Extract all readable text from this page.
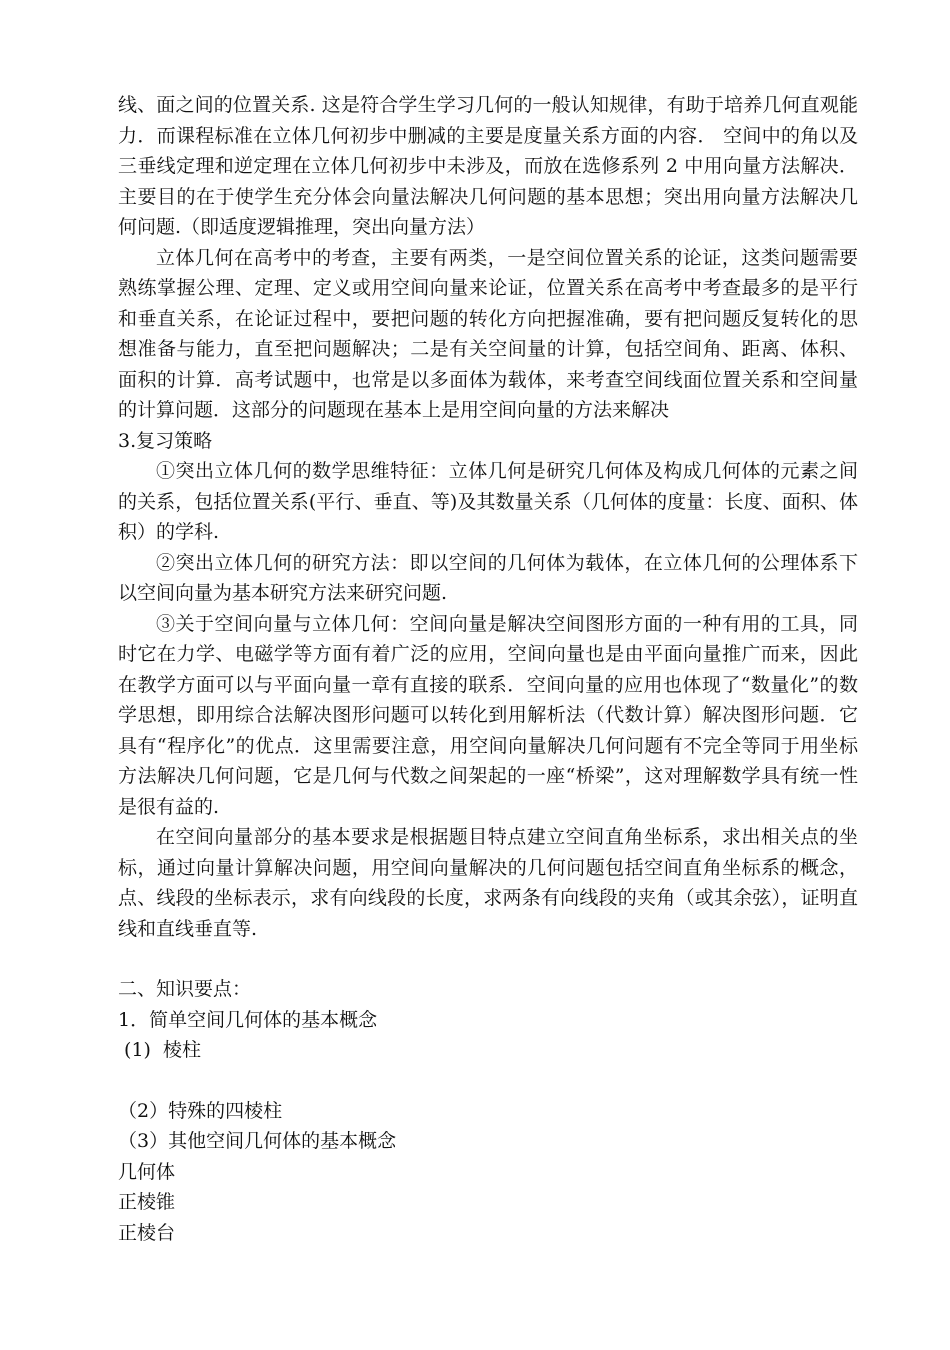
线、面之间的位置关系. 这是符合学生学习几何的一般认知规律，有助于培养几何直观能力．而课程标准在立体几何初步中删减的主要是度量关系方面的内容． 空间中的角以及三垂线定理和逆定理在立体几何初步中未涉及，而放在选修系列 2 中用向量方法解决．主要目的在于使学生充分体会向量法解决几何问题的基本思想；突出用向量方法解决几何问题.（即适度逻辑推理，突出向量方法）

立体几何在高考中的考查，主要有两类，一是空间位置关系的论证，这类问题需要熟练掌握公理、定理、定义或用空间向量来论证，位置关系在高考中考查最多的是平行和垂直关系，在论证过程中，要把问题的转化方向把握准确，要有把问题反复转化的思想准备与能力，直至把问题解决；二是有关空间量的计算，包括空间角、距离、体积、面积的计算．高考试题中，也常是以多面体为载体，来考查空间线面位置关系和空间量的计算问题．这部分的问题现在基本上是用空间向量的方法来解决

3.复习策略

①突出立体几何的数学思维特征：立体几何是研究几何体及构成几何体的元素之间的关系，包括位置关系(平行、垂直、等)及其数量关系（几何体的度量：长度、面积、体积）的学科.

②突出立体几何的研究方法：即以空间的几何体为载体，在立体几何的公理体系下以空间向量为基本研究方法来研究问题.

③关于空间向量与立体几何：空间向量是解决空间图形方面的一种有用的工具，同时它在力学、电磁学等方面有着广泛的应用，空间向量也是由平面向量推广而来，因此在教学方面可以与平面向量一章有直接的联系．空间向量的应用也体现了“数量化”的数学思想，即用综合法解决图形问题可以转化到用解析法（代数计算）解决图形问题．它具有“程序化”的优点．这里需要注意，用空间向量解决几何问题有不完全等同于用坐标方法解决几何问题，它是几何与代数之间架起的一座“桥梁”，这对理解数学具有统一性是很有益的.

在空间向量部分的基本要求是根据题目特点建立空间直角坐标系，求出相关点的坐标，通过向量计算解决问题，用空间向量解决的几何问题包括空间直角坐标系的概念，点、线段的坐标表示，求有向线段的长度，求两条有向线段的夹角（或其余弦），证明直线和直线垂直等.

二、知识要点：

1．简单空间几何体的基本概念

(1)  棱柱

（2）特殊的四棱柱

（3）其他空间几何体的基本概念

几何体

正棱锥

正棱台
